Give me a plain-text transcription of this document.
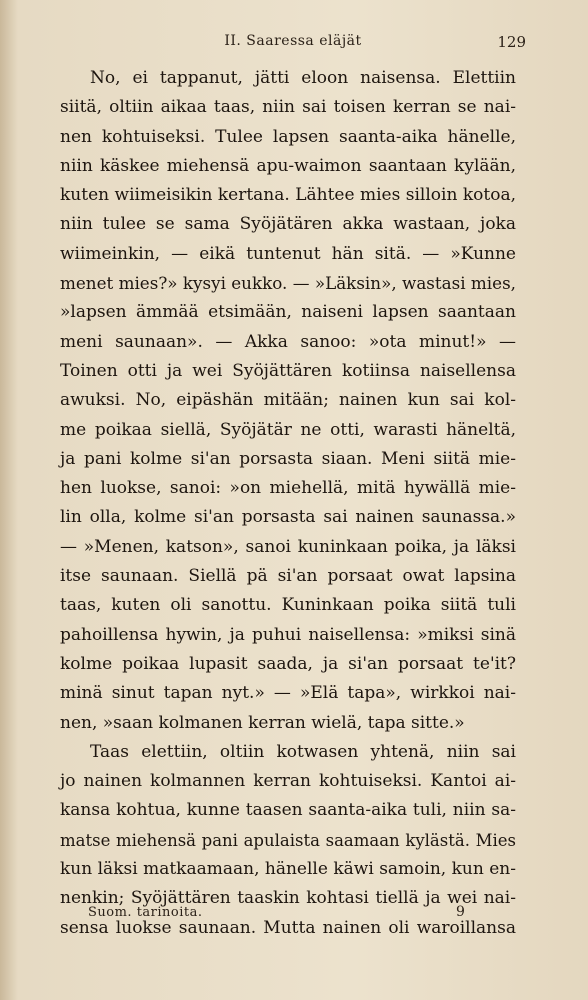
II. Saaressa eläjät	129
No, ei tappanut, jätti eloon naisensa. Elettiin
siitä, oltiin aikaa taas, niin sai toisen kerran se nai-
nen kohtuiseksi. Tulee lapsen saanta-aika hänelle,
niin käskee miehensä apu-waimon saantaan kylään,
kuten wiimeisikin kertana. Lähtee mies silloin kotoa,
niin tulee se sama Syöjätären akka wastaan, joka
wiimeinkin, — eikä tuntenut hän sitä. — »Kunne
menet mies?» kysyi eukko. — »Läksin», wastasi mies,
»lapsen ämmää etsimään, naiseni lapsen saantaan
meni saunaan». — Akka sanoo: »ota minut!» —
Toinen otti ja wei Syöjättären kotiinsa naisellensa
awuksi. No, eipäshän mitään; nainen kun sai kol-
me poikaa siellä, Syöjätär ne otti, warasti häneltä,
ja pani kolme si'an porsasta siaan. Meni siitä mie-
hen luokse, sanoi: »on miehellä, mitä hywällä mie-
lin olla, kolme si'an porsasta sai nainen saunassa.»
— »Menen, katson», sanoi kuninkaan poika, ja läksi
itse saunaan. Siellä pä si'an porsaat owat lapsina
taas, kuten oli sanottu. Kuninkaan poika siitä tuli
pahoillensa hywin, ja puhui naisellensa: »miksi sinä
kolme poikaa lupasit saada, ja si'an porsaat te'it?
minä sinut tapan nyt.» — »Elä tapa», wirkkoi nai-
nen, »saan kolmanen kerran wielä, tapa sitte.»
Taas elettiin, oltiin kotwasen yhtenä, niin sai
jo nainen kolmannen kerran kohtuiseksi. Kantoi ai-
kansa kohtua, kunne taasen saanta-aika tuli, niin sa-
matse miehensä pani apulaista saamaan kylästä. Mies
kun läksi matkaamaan, hänelle käwi samoin, kun en-
nenkin; Syöjättären taaskin kohtasi tiellä ja wei nai-
sensa luokse saunaan. Mutta nainen oli waroillansa
Suom. tarinoita.	9
